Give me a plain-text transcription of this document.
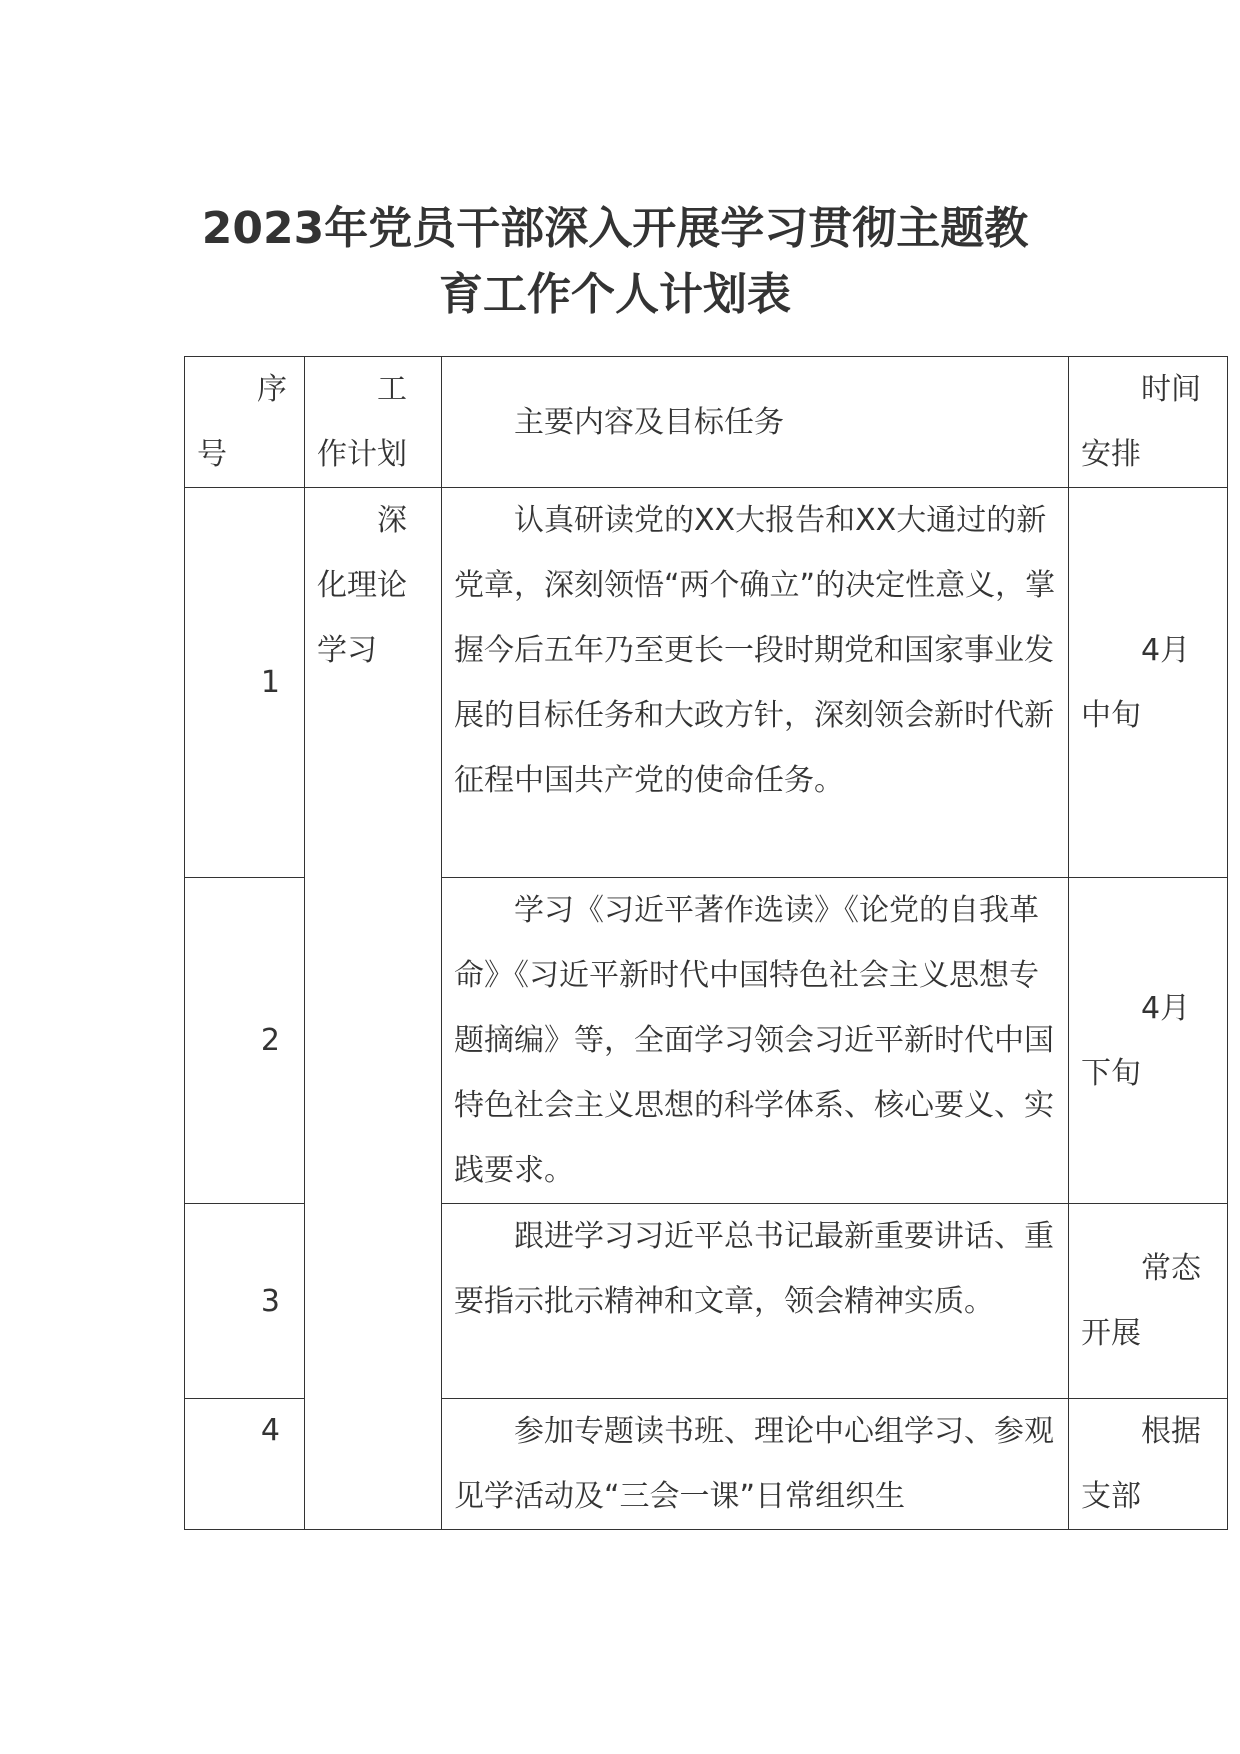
2023年党员干部深入开展学习贯彻主题教
育工作个人计划表
序号	工作计划	主要内容及目标任务	时间安排

1	深化理论学习	认真研读党的XX大报告和XX大通过的新党章，深刻领悟“两个确立”的决定性意义，掌握今后五年乃至更长一段时期党和国家事业发展的目标任务和大政方针，深刻领会新时代新征程中国共产党的使命任务。	4月中旬

2		学习《习近平著作选读》《论党的自我革命》《习近平新时代中国特色社会主义思想专题摘编》等，全面学习领会习近平新时代中国特色社会主义思想的科学体系、核心要义、实践要求。	4月下旬

3		跟进学习习近平总书记最新重要讲话、重要指示批示精神和文章，领会精神实质。	常态开展

4		参加专题读书班、理论中心组学习、参观见学活动及“三会一课”日常组织生	根据支部
